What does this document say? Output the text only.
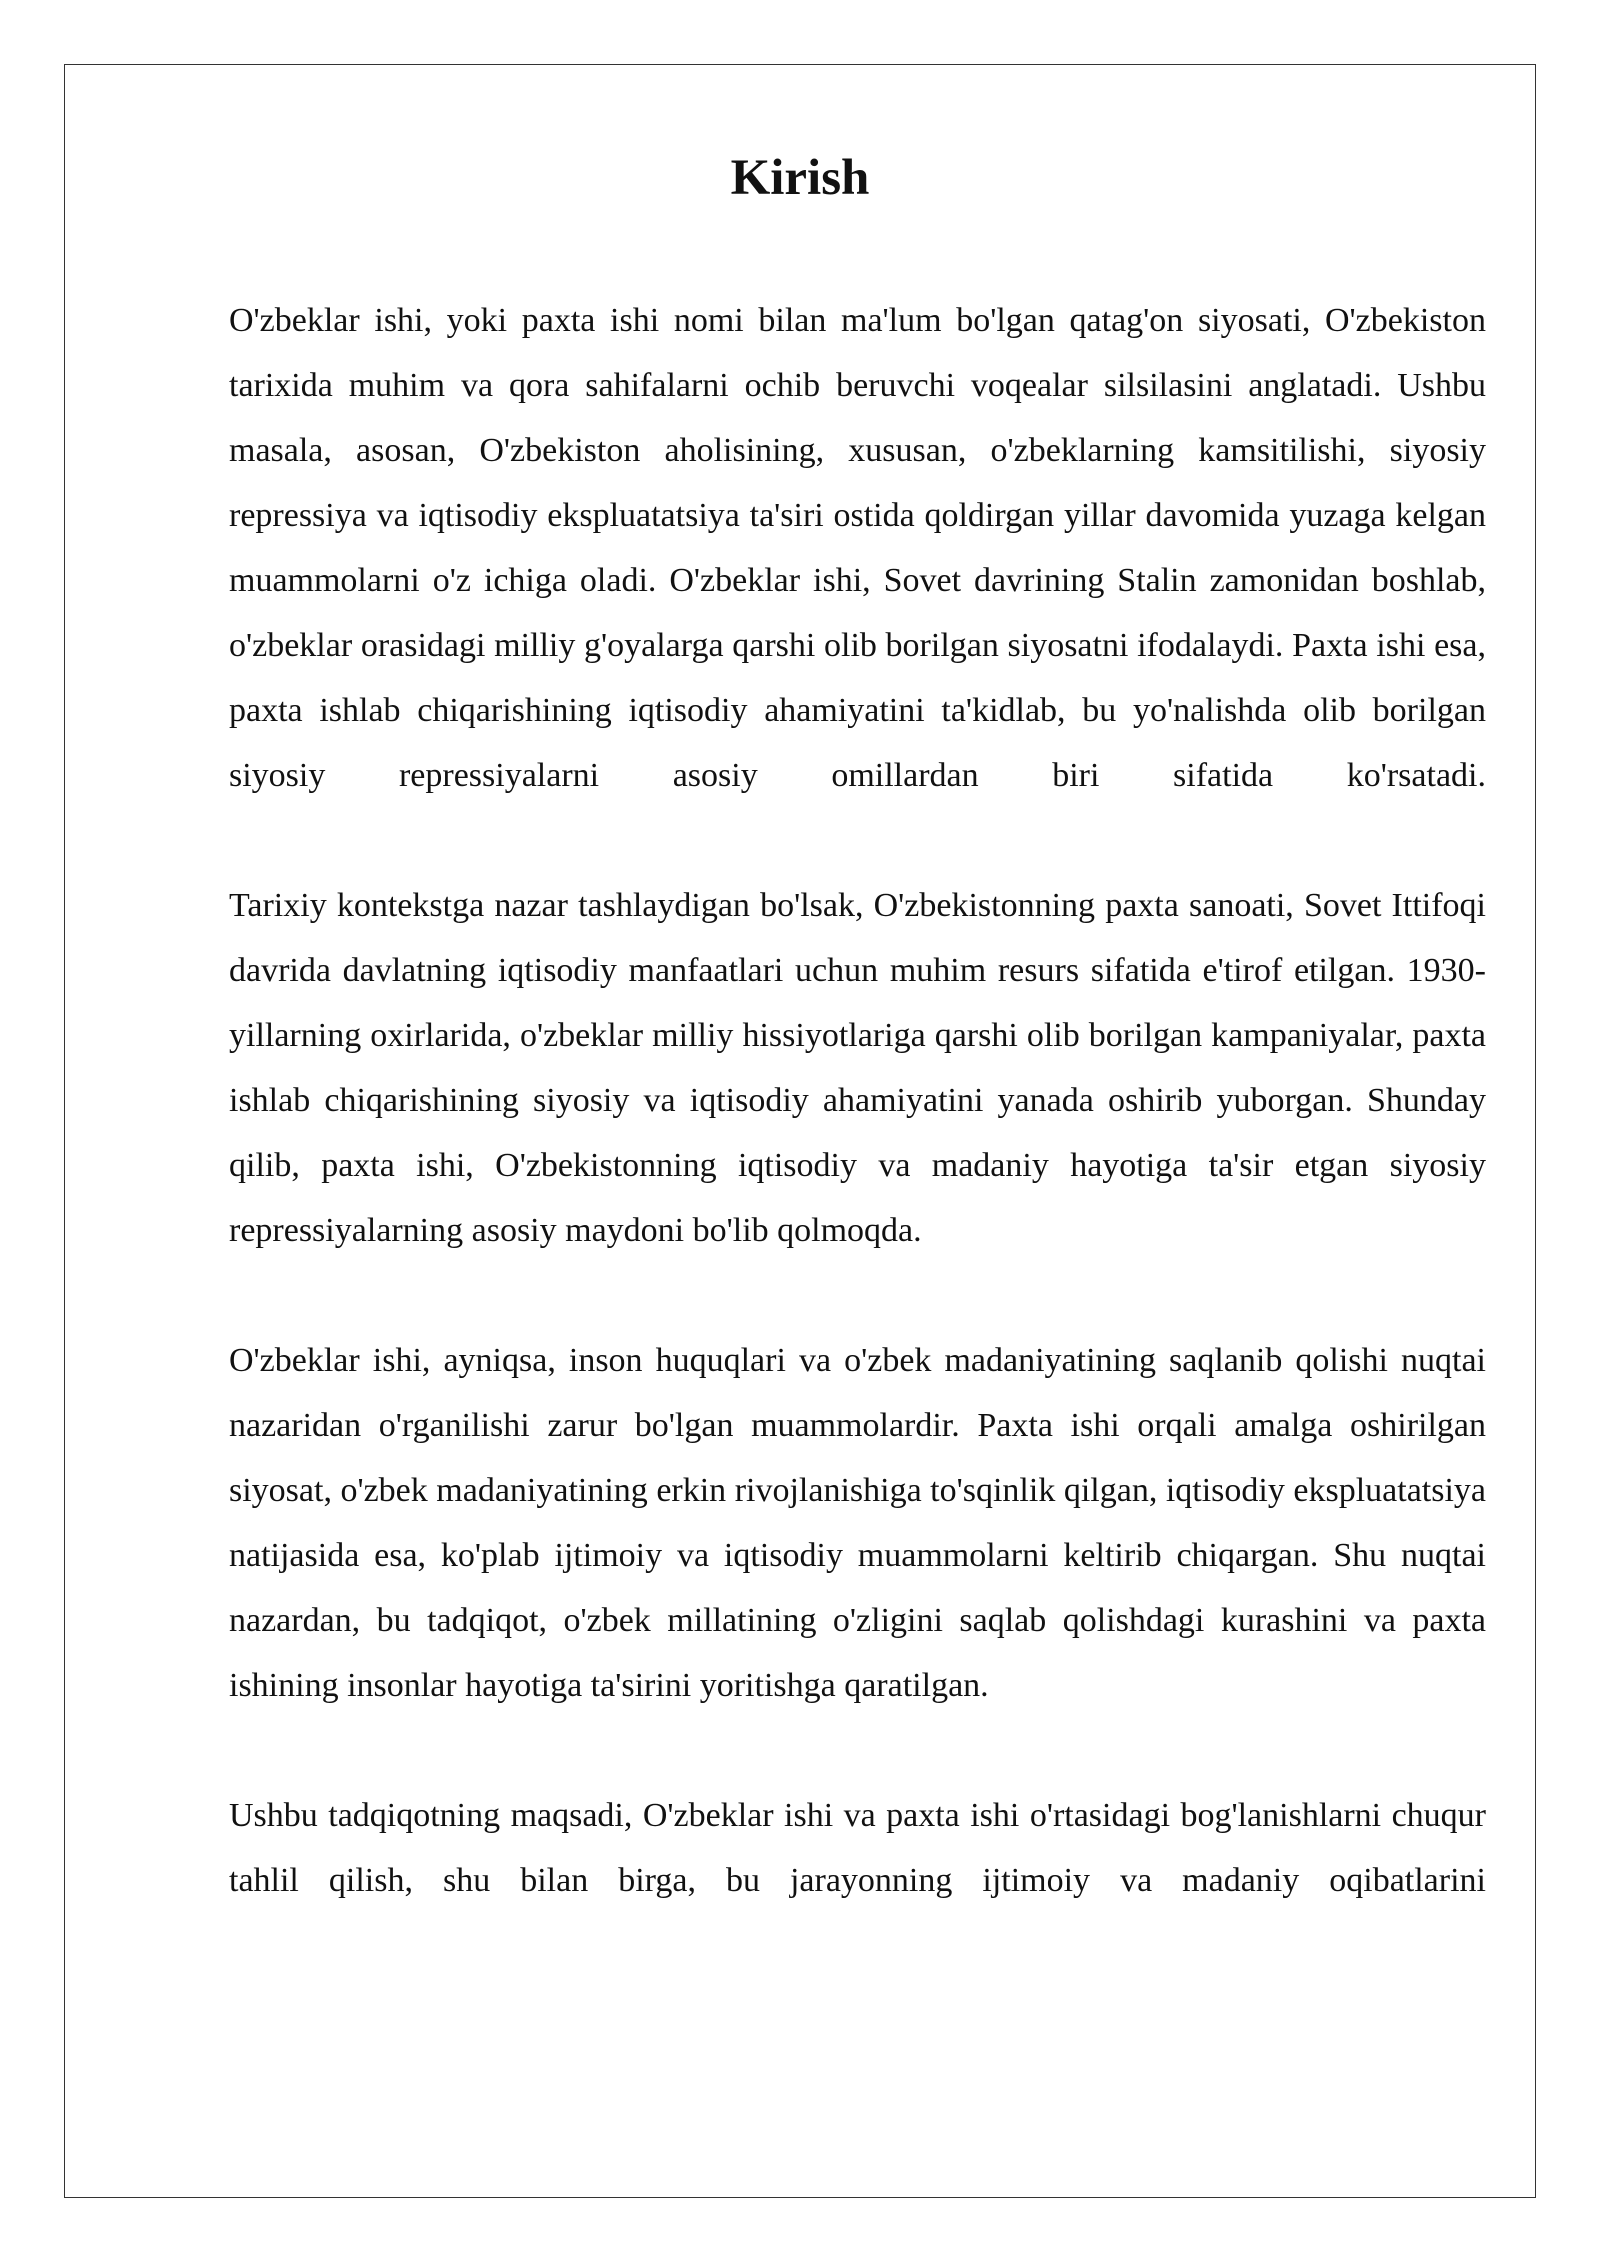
Kirish

O'zbeklar ishi, yoki paxta ishi nomi bilan ma'lum bo'lgan qatag'on siyosati, O'zbekiston tarixida muhim va qora sahifalarni ochib beruvchi voqealar silsilasini anglatadi. Ushbu masala, asosan, O'zbekiston aholisining, xususan, o'zbeklarning kamsitilishi, siyosiy repressiya va iqtisodiy ekspluatatsiya ta'siri ostida qoldirgan yillar davomida yuzaga kelgan muammolarni o'z ichiga oladi. O'zbeklar ishi, Sovet davrining Stalin zamonidan boshlab, o'zbeklar orasidagi milliy g'oyalarga qarshi olib borilgan siyosatni ifodalaydi. Paxta ishi esa, paxta ishlab chiqarishining iqtisodiy ahamiyatini ta'kidlab, bu yo'nalishda olib borilgan siyosiy repressiyalarni asosiy omillardan biri sifatida ko'rsatadi.

Tarixiy kontekstga nazar tashlaydigan bo'lsak, O'zbekistonning paxta sanoati, Sovet Ittifoqi davrida davlatning iqtisodiy manfaatlari uchun muhim resurs sifatida e'tirof etilgan. 1930-yillarning oxirlarida, o'zbeklar milliy hissiyotlariga qarshi olib borilgan kampaniyalar, paxta ishlab chiqarishining siyosiy va iqtisodiy ahamiyatini yanada oshirib yuborgan. Shunday qilib, paxta ishi, O'zbekistonning iqtisodiy va madaniy hayotiga ta'sir etgan siyosiy repressiyalarning asosiy maydoni bo'lib qolmoqda.

O'zbeklar ishi, ayniqsa, inson huquqlari va o'zbek madaniyatining saqlanib qolishi nuqtai nazaridan o'rganilishi zarur bo'lgan muammolardir. Paxta ishi orqali amalga oshirilgan siyosat, o'zbek madaniyatining erkin rivojlanishiga to'sqinlik qilgan, iqtisodiy ekspluatatsiya natijasida esa, ko'plab ijtimoiy va iqtisodiy muammolarni keltirib chiqargan. Shu nuqtai nazardan, bu tadqiqot, o'zbek millatining o'zligini saqlab qolishdagi kurashini va paxta ishining insonlar hayotiga ta'sirini yoritishga qaratilgan.

Ushbu tadqiqotning maqsadi, O'zbeklar ishi va paxta ishi o'rtasidagi bog'lanishlarni chuqur tahlil qilish, shu bilan birga, bu jarayonning ijtimoiy va madaniy oqibatlarini
